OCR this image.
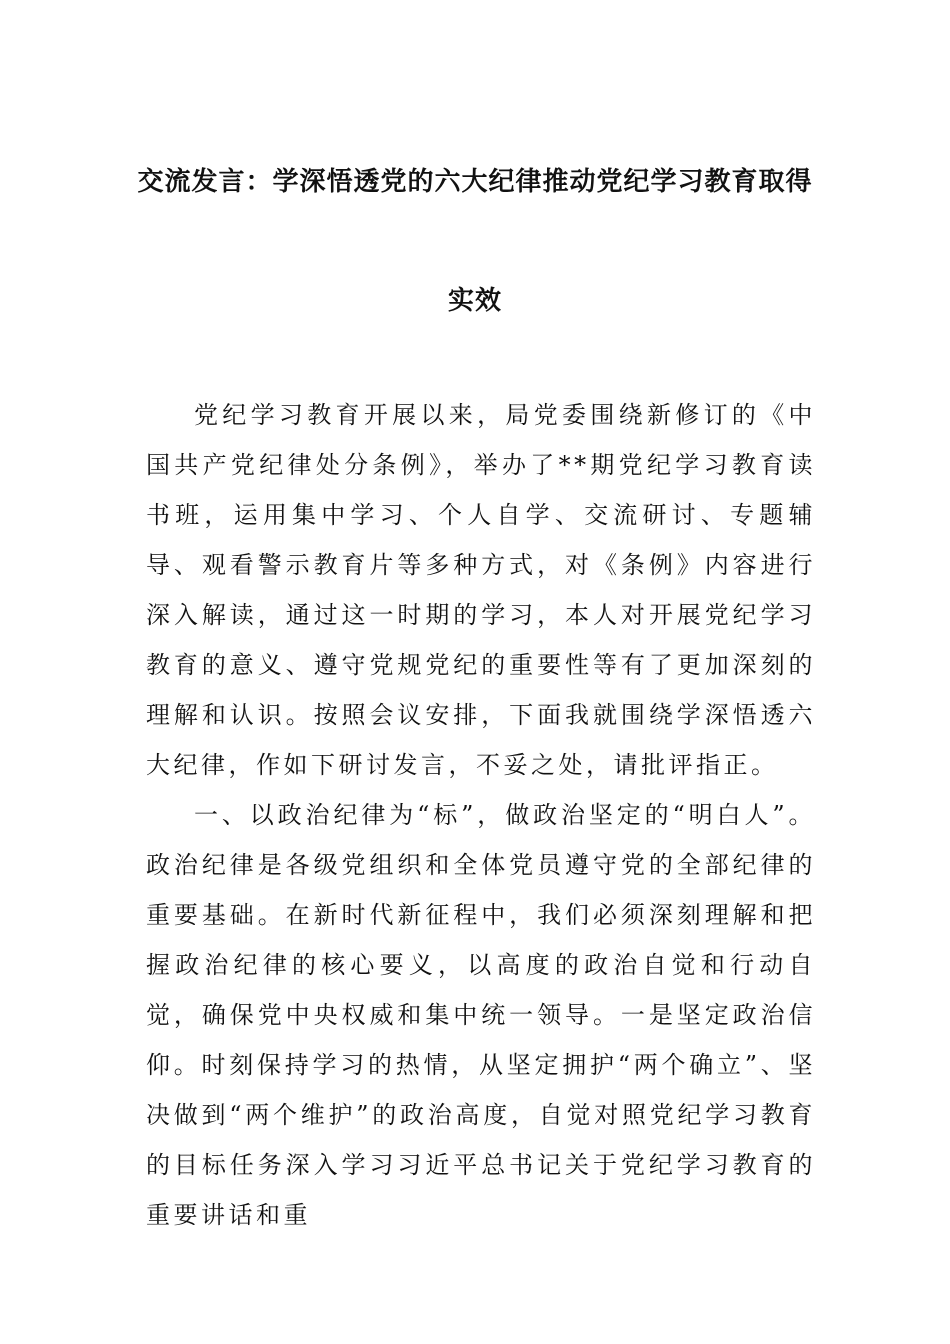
交流发言：学深悟透党的六大纪律推动党纪学习教育取得
实效

党纪学习教育开展以来，局党委围绕新修订的《中国共产党纪律处分条例》，举办了**期党纪学习教育读书班，运用集中学习、个人自学、交流研讨、专题辅导、观看警示教育片等多种方式，对《条例》内容进行深入解读，通过这一时期的学习，本人对开展党纪学习教育的意义、遵守党规党纪的重要性等有了更加深刻的理解和认识。按照会议安排，下面我就围绕学深悟透六大纪律，作如下研讨发言，不妥之处，请批评指正。

一、以政治纪律为“标”，做政治坚定的“明白人”。政治纪律是各级党组织和全体党员遵守党的全部纪律的重要基础。在新时代新征程中，我们必须深刻理解和把握政治纪律的核心要义，以高度的政治自觉和行动自觉，确保党中央权威和集中统一领导。一是坚定政治信仰。时刻保持学习的热情，从坚定拥护“两个确立”、坚决做到“两个维护”的政治高度，自觉对照党纪学习教育的目标任务深入学习习近平总书记关于党纪学习教育的重要讲话和重
